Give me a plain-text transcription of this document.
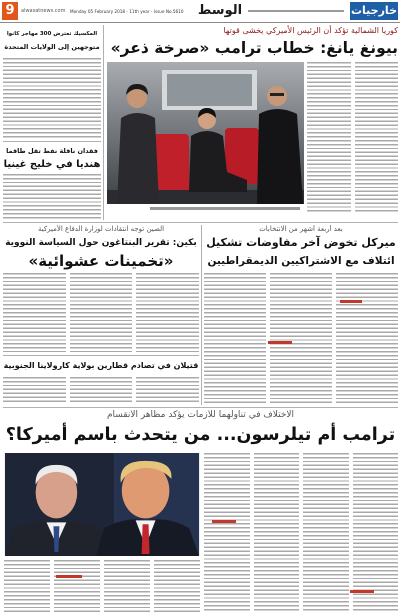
9	alwasatnews.com	Monday 05 February 2018 - 11th year - Issue No.5610	الوسط	خارجيات
المكسيك تعترض 300 مهاجر كانوا
متوجهين إلى الولايات المتحدة
فقدان ناقلة نفط تقل طاقما
هنديا في خليج غينيا
كوريا الشمالية تؤكد أن الرئيس الأميركي يخشى قوتها
بيونغ يانغ: خطاب ترامب «صرخة ذعر»
الصين توجه انتقادات لوزارة الدفاع الأميركية
بكين: تقرير البنتاغون حول السياسة النووية
«تخمينات عشوائية»
قتيلان في تصادم قطارين بولاية كارولاينا الجنوبية
بعد أربعة أشهر من الانتخابات
ميركل تخوض آخر مفاوضات تشكيل
ائتلاف مع الاشتراكيين الديمقراطيين
الاختلاف في تناولهما للأزمات يؤكد مظاهر الانقسام
ترامب أم تيلرسون... من يتحدث باسم أميركا؟
